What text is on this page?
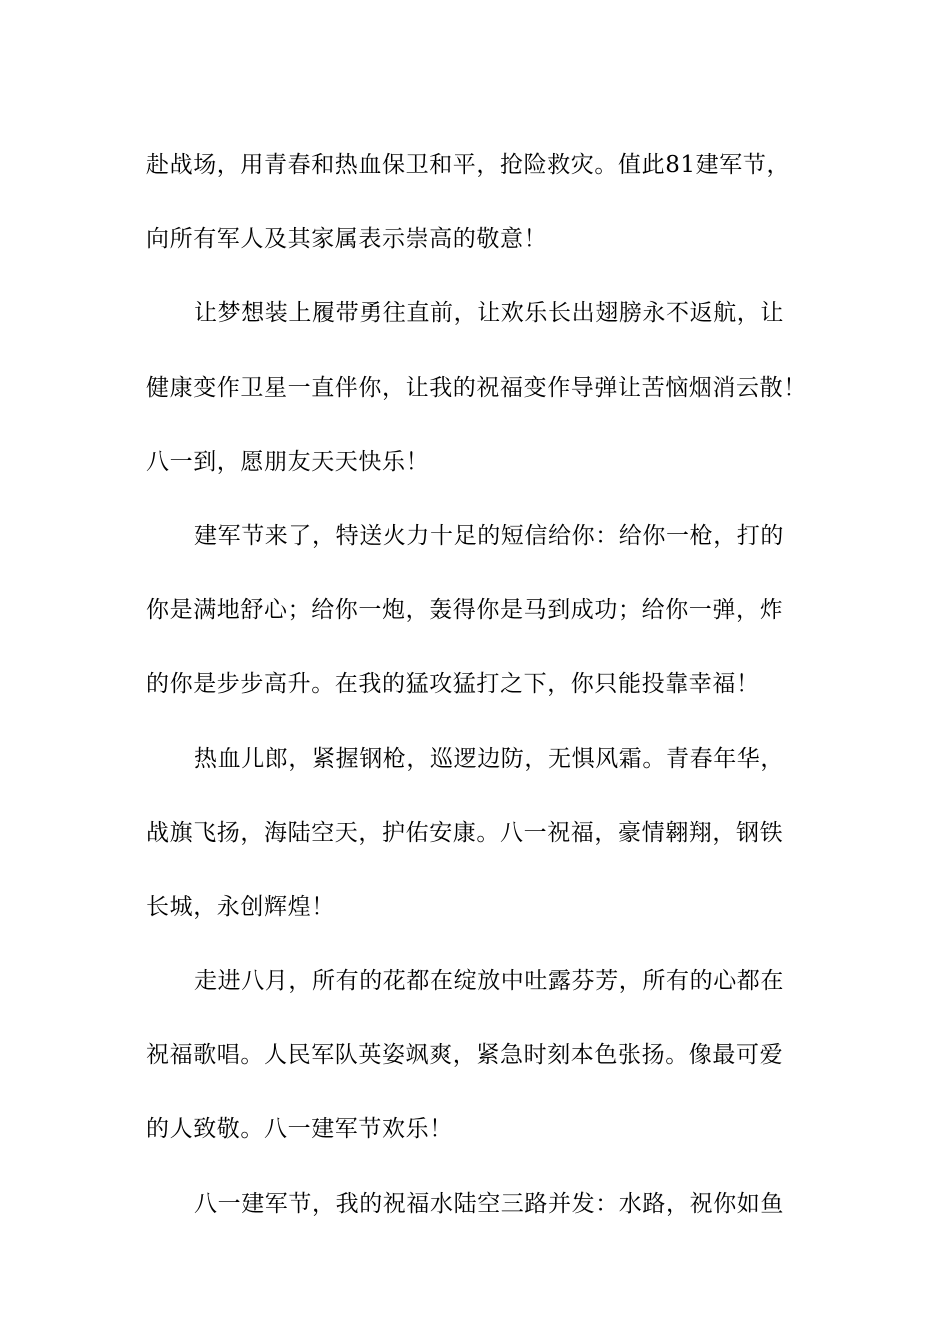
赴战场，用青春和热血保卫和平，抢险救灾。值此81建军节，
向所有军人及其家属表示崇高的敬意！
让梦想装上履带勇往直前，让欢乐长出翅膀永不返航，让
健康变作卫星一直伴你，让我的祝福变作导弹让苦恼烟消云散！
八一到，愿朋友天天快乐！
建军节来了，特送火力十足的短信给你：给你一枪，打的
你是满地舒心；给你一炮，轰得你是马到成功；给你一弹，炸
的你是步步高升。在我的猛攻猛打之下，你只能投靠幸福！
热血儿郎，紧握钢枪，巡逻边防，无惧风霜。青春年华，
战旗飞扬，海陆空天，护佑安康。八一祝福，豪情翱翔，钢铁
长城，永创辉煌！
走进八月，所有的花都在绽放中吐露芬芳，所有的心都在
祝福歌唱。人民军队英姿飒爽，紧急时刻本色张扬。像最可爱
的人致敬。八一建军节欢乐！
八一建军节，我的祝福水陆空三路并发：水路，祝你如鱼
